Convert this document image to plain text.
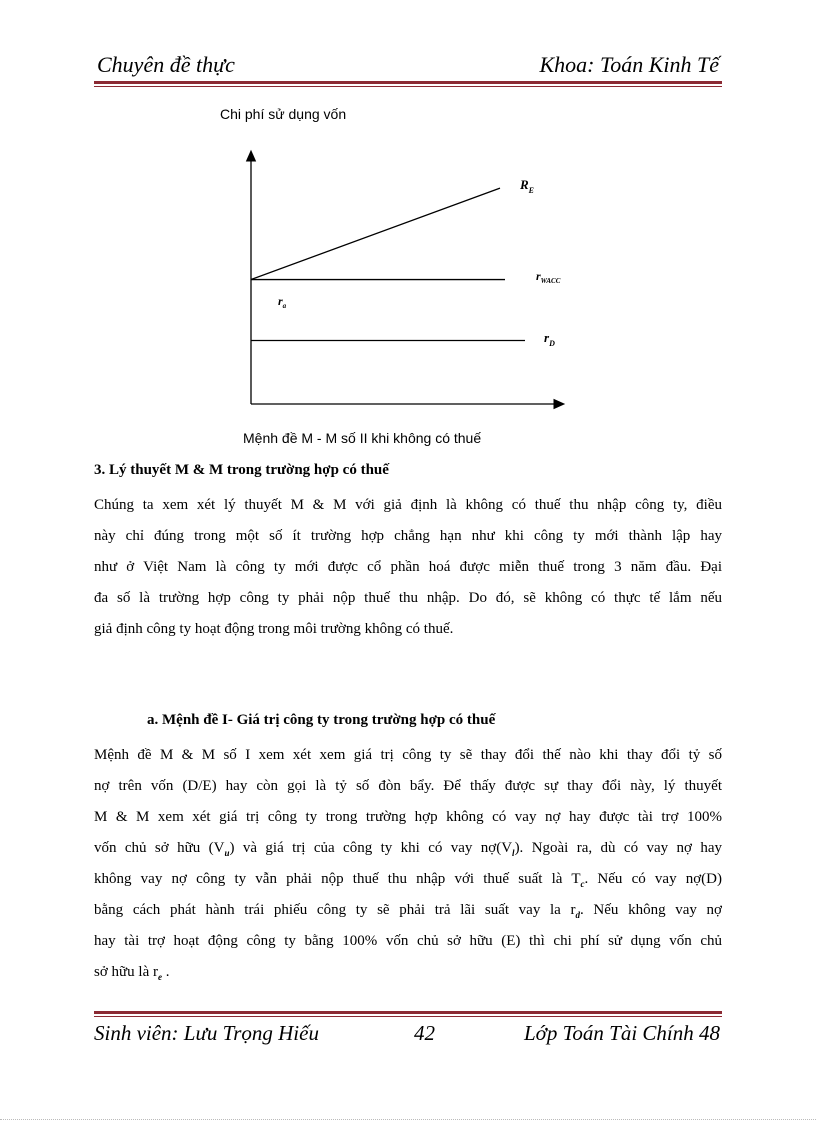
Chuyên đề thực	Khoa: Toán Kinh Tế
Chi phí sử dụng vốn
$R_E$
$r_{WACC}$
$r_a$
$r_D$
Mệnh đề M - M số II khi không có thuế
3. Lý thuyết M & M trong trường hợp có thuế
Chúng ta xem xét lý thuyết M & M với giả định là không có thuế thu nhập công ty, điều
này chỉ đúng trong một số ít trường hợp chẳng hạn như khi công ty mới thành lập hay
như ở Việt Nam là công ty mới được cổ phần hoá được miễn thuế trong 3 năm đầu. Đại
đa số là trường hợp công ty phải nộp thuế thu nhập. Do đó, sẽ không có thực tế lắm nếu
giả định công ty hoạt động trong môi trường không có thuế.
a. Mệnh đề I- Giá trị công ty trong trường hợp có thuế
Mệnh đề M & M số I xem xét xem giá trị công ty sẽ thay đổi thế nào khi thay đổi tỷ số
nợ trên vốn (D/E) hay còn gọi là tỷ số đòn bẩy. Để thấy được sự thay đổi này, lý thuyết
M & M xem xét giá trị công ty trong trường hợp không có vay nợ hay được tài trợ 100%
vốn chủ sở hữu $(V_u)$ và giá trị của công ty khi có vay $nợ(V_l)$. Ngoài ra, dù có vay nợ hay
không vay nợ công ty vẫn phải nộp thuế thu nhập với thuế suất là $T_c$. Nếu có vay nợ(D)
bằng cách phát hành trái phiếu công ty sẽ phải trả lãi suất vay la $r_d$. Nếu không vay nợ
hay tài trợ hoạt động công ty bằng 100% vốn chủ sở hữu (E) thì chi phí sử dụng vốn chủ
sở hữu là $r_e$ .
Sinh viên: Lưu Trọng Hiếu	42	Lớp Toán Tài Chính 48
